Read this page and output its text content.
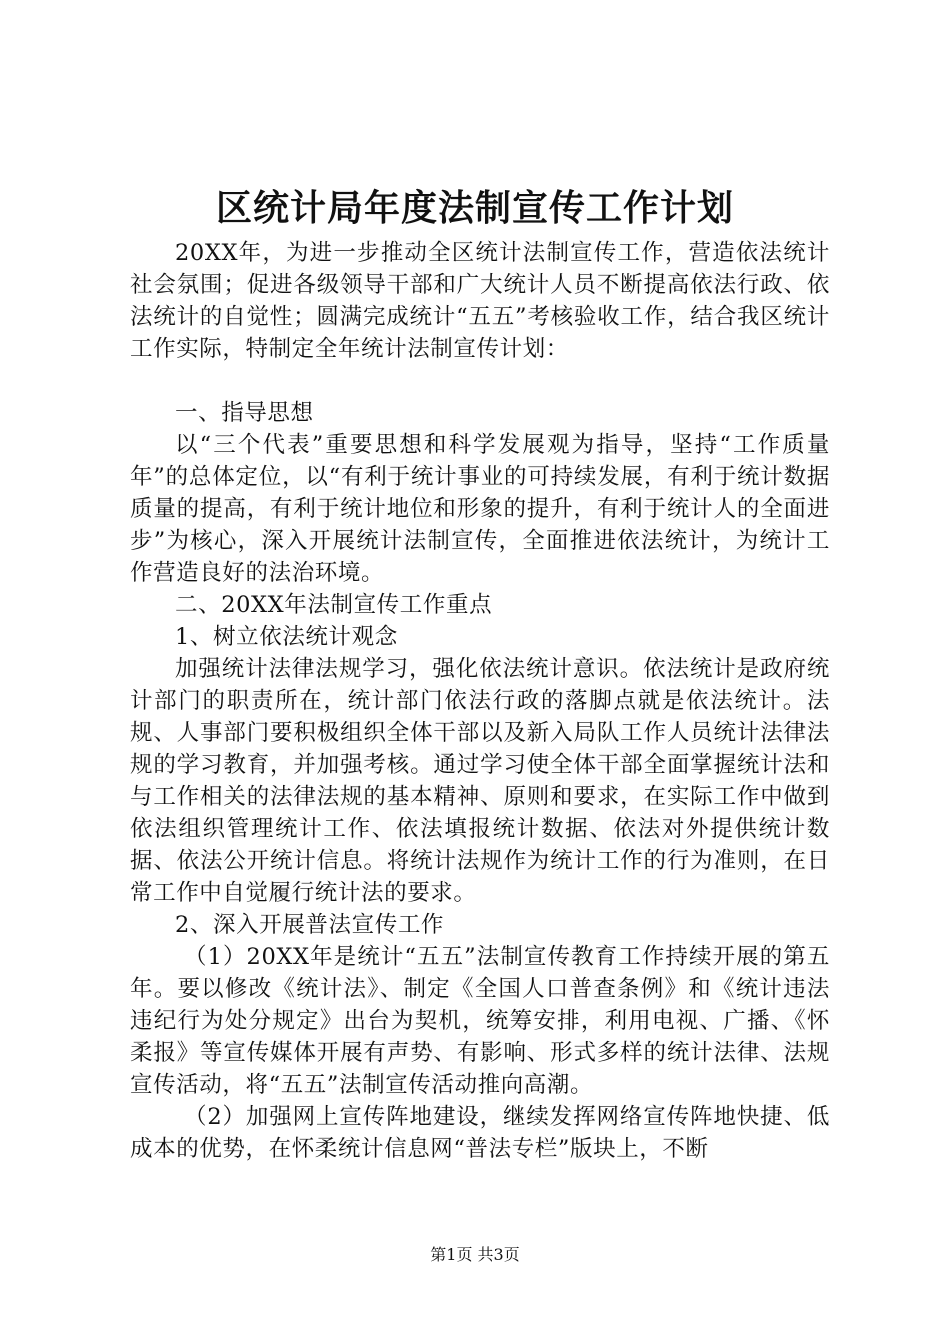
区统计局年度法制宣传工作计划

20XX年，为进一步推动全区统计法制宣传工作，营造依法统计社会氛围；促进各级领导干部和广大统计人员不断提高依法行政、依法统计的自觉性；圆满完成统计“五五”考核验收工作，结合我区统计工作实际，特制定全年统计法制宣传计划：

一、指导思想

以“三个代表”重要思想和科学发展观为指导，坚持“工作质量年”的总体定位，以“有利于统计事业的可持续发展，有利于统计数据质量的提高，有利于统计地位和形象的提升，有利于统计人的全面进步”为核心，深入开展统计法制宣传，全面推进依法统计，为统计工作营造良好的法治环境。

二、20XX年法制宣传工作重点

1、树立依法统计观念

加强统计法律法规学习，强化依法统计意识。依法统计是政府统计部门的职责所在，统计部门依法行政的落脚点就是依法统计。法规、人事部门要积极组织全体干部以及新入局队工作人员统计法律法规的学习教育，并加强考核。通过学习使全体干部全面掌握统计法和与工作相关的法律法规的基本精神、原则和要求，在实际工作中做到依法组织管理统计工作、依法填报统计数据、依法对外提供统计数据、依法公开统计信息。将统计法规作为统计工作的行为准则，在日常工作中自觉履行统计法的要求。

2、深入开展普法宣传工作

（1）20XX年是统计“五五”法制宣传教育工作持续开展的第五年。要以修改《统计法》、制定《全国人口普查条例》和《统计违法违纪行为处分规定》出台为契机，统筹安排，利用电视、广播、《怀柔报》等宣传媒体开展有声势、有影响、形式多样的统计法律、法规宣传活动，将“五五”法制宣传活动推向高潮。

（2）加强网上宣传阵地建设，继续发挥网络宣传阵地快捷、低成本的优势，在怀柔统计信息网“普法专栏”版块上，不断

第1页 共3页
